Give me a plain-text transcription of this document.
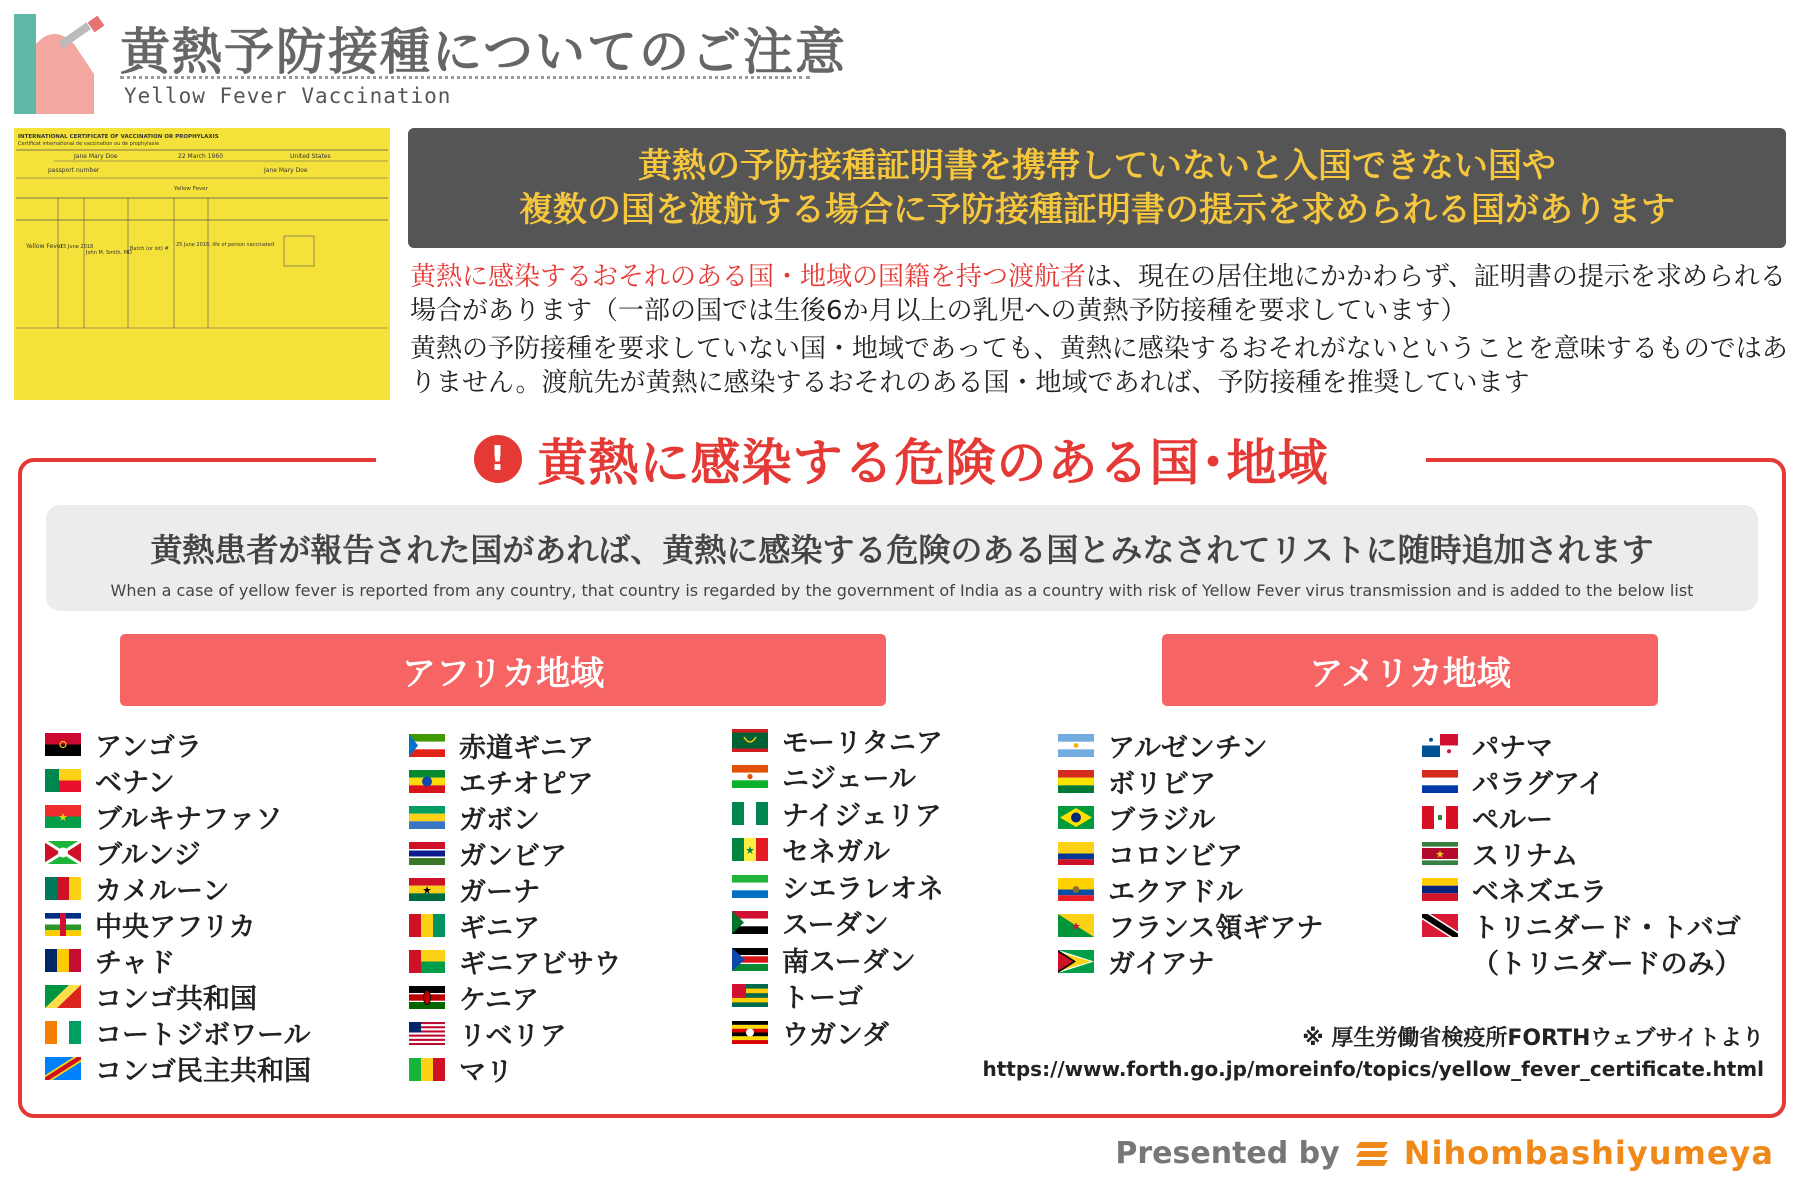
黄熱予防接種についてのご注意
Yellow Fever Vaccination
INTERNATIONAL CERTIFICATE OF VACCINATION OR PROPHYLAXIS
Certificat international de vaccination ou de prophylaxie
Jane Mary Doe	22 March 1960	United States
passport number	Jane Mary Doe
Yellow Fever
Yellow Fever
15 June 2018
John M. Smith, MD
Batch (or lot) #
25 June 2018, life of person vaccinated
黄熱の予防接種証明書を携帯していないと入国できない国や
複数の国を渡航する場合に予防接種証明書の提示を求められる国があります
黄熱に感染するおそれのある国・地域の国籍を持つ渡航者は、現在の居住地にかかわらず、証明書の提示を求められる場合があります（一部の国では生後6か月以上の乳児への黄熱予防接種を要求しています）
黄熱の予防接種を要求していない国・地域であっても、黄熱に感染するおそれがないということを意味するものではありません。渡航先が黄熱に感染するおそれのある国・地域であれば、予防接種を推奨しています
! 黄熱に感染する危険のある国･地域
黄熱患者が報告された国があれば、黄熱に感染する危険のある国とみなされてリストに随時追加されます
When a case of yellow fever is reported from any country, that country is regarded by the government of India as a country with risk of Yellow Fever virus transmission and is added to the below list
アフリカ地域	アメリカ地域
アンゴラ
ベナン
ブルキナファソ
ブルンジ
カメルーン
中央アフリカ
チャド
コンゴ共和国
コートジボワール
コンゴ民主共和国
赤道ギニア
エチオピア
ガボン
ガンビア
ガーナ
ギニア
ギニアビサウ
ケニア
リベリア
マリ
モーリタニア
ニジェール
ナイジェリア
セネガル
シエラレオネ
スーダン
南スーダン
トーゴ
ウガンダ
アルゼンチン
ボリビア
ブラジル
コロンビア
エクアドル
フランス領ギアナ
ガイアナ
パナマ
パラグアイ
ペルー
スリナム
ベネズエラ
トリニダード・トバゴ
（トリニダードのみ）
※ 厚生労働省検疫所FORTHウェブサイトより
https://www.forth.go.jp/moreinfo/topics/yellow_fever_certificate.html
Presented by Nihombashiyumeya
